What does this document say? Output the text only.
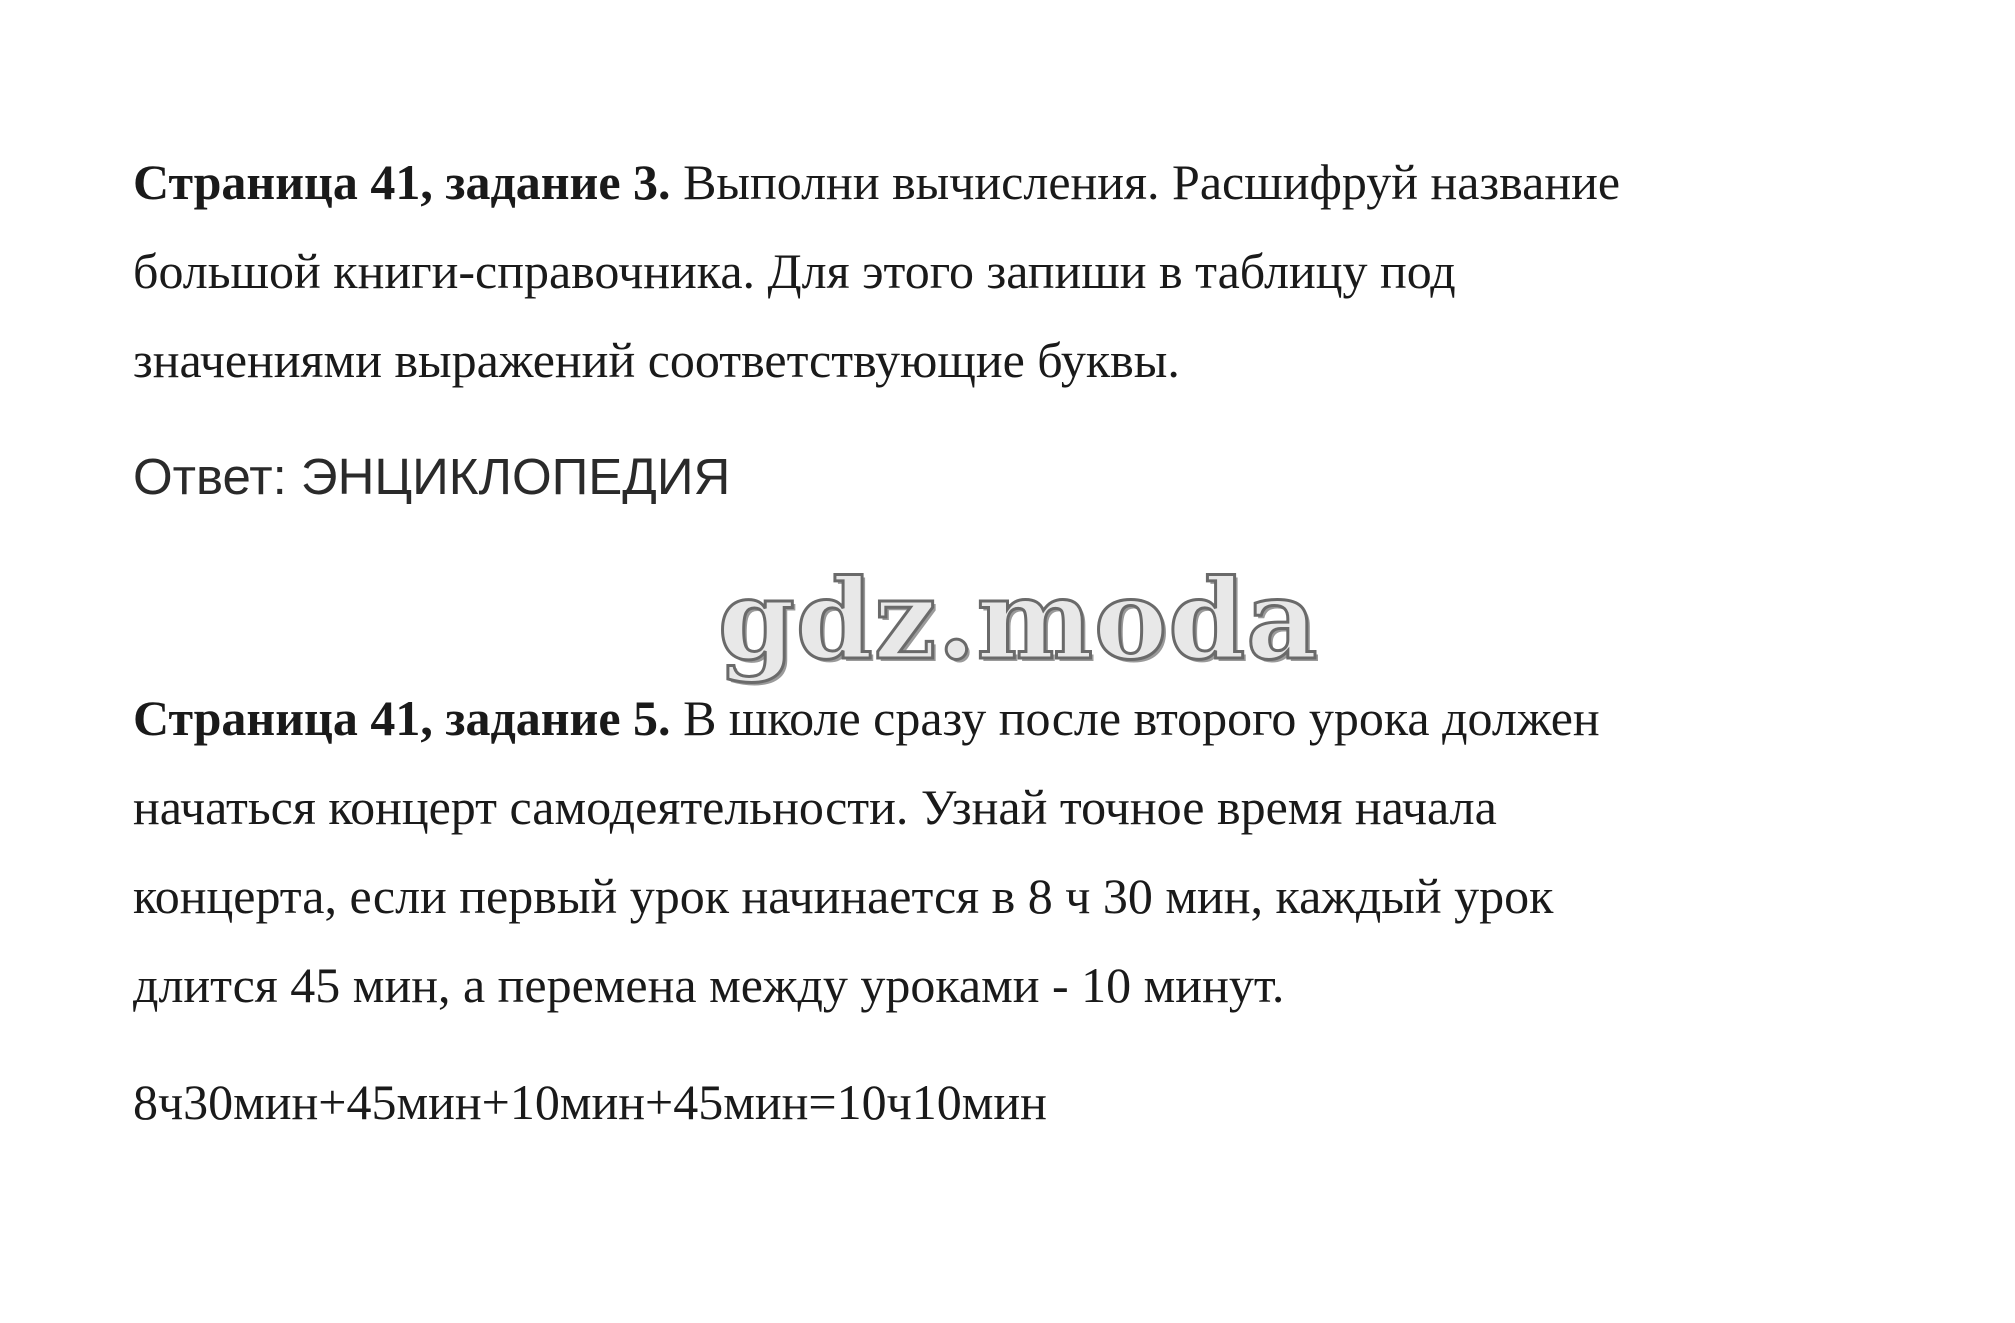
Страница 41, задание 3. Выполни вычисления. Расшифруй название
большой книги-справочника. Для этого запиши в таблицу под
значениями выражений соответствующие буквы.

Ответ: ЭНЦИКЛОПЕДИЯ

gdz.moda

Страница 41, задание 5. В школе сразу после второго урока должен
начаться концерт самодеятельности. Узнай точное время начала
концерта, если первый урок начинается в 8 ч 30 мин, каждый урок
длится 45 мин, а перемена между уроками - 10 минут.

8ч30мин+45мин+10мин+45мин=10ч10мин
